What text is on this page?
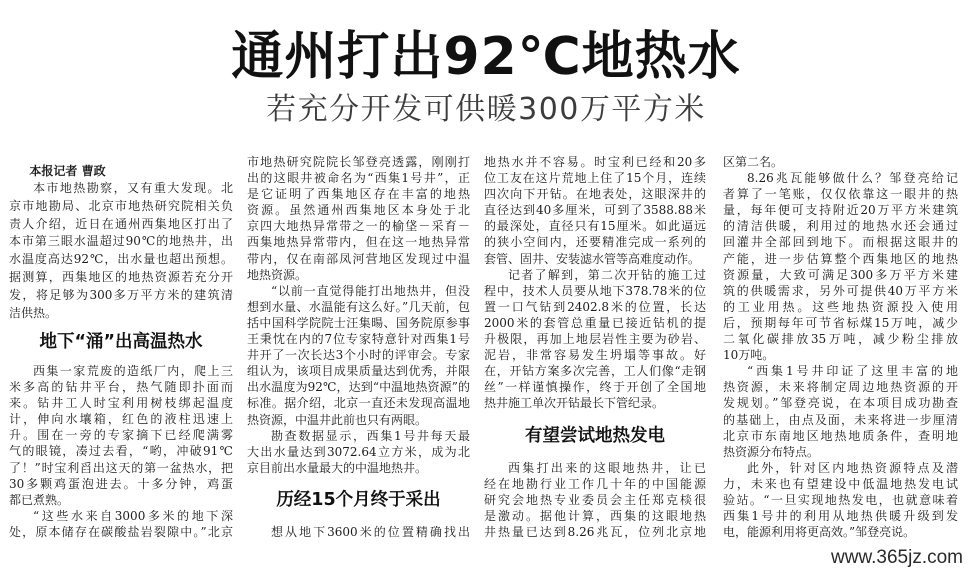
通州打出92℃地热水
若充分开发可供暖300万平方米
本报记者 曹政
本市地热勘察，又有重大发现。北
京市地勘局、北京市地热研究院相关负
责人介绍，近日在通州西集地区打出了
本市第三眼水温超过90℃的地热井，出
水温度高达92℃，出水量也超出预想。
据测算，西集地区的地热资源若充分开
发，将足够为300多万平方米的建筑清
洁供热。
地下“涌”出高温热水
西集一家荒废的造纸厂内，爬上三
米多高的钻井平台，热气随即扑面而
来。钻井工人时宝利用树枝绑起温度
计，伸向水壤箱，红色的液柱迅速上
升。围在一旁的专家摘下已经爬满雾
气的眼镜，凑过去看，“哟，冲破91℃
了！”时宝利舀出这天的第一盆热水，把
30多颗鸡蛋泡进去。十多分钟，鸡蛋
都已煮熟。
“这些水来自3000多米的地下深
处，原本储存在碳酸盐岩裂隙中。”北京
市地热研究院院长邹登亮透露，刚刚打
出的这眼井被命名为“西集1号井”，正
是它证明了西集地区存在丰富的地热
资源。虽然通州西集地区本身处于北
京四大地热异常带之一的榆垡－采育－
西集地热异常带内，但在这一地热异常
带内，仅在南部凤河营地区发现过中温
地热资源。
“以前一直觉得能打出地热井，但没
想到水量、水温能有这么好。”几天前，包
括中国科学院院士汪集暘、国务院原参事
王秉忱在内的7位专家特意针对西集1号
井开了一次长达3个小时的评审会。专家
组认为，该项目成果质量达到优秀，并限
出水温度为92℃，达到“中温地热资源”的
标准。据介绍，北京一直还未发现高温地
热资源，中温井此前也只有两眼。
勘查数据显示，西集1号井每天最
大出水量达到3072.64立方米，成为北
京目前出水量最大的中温地热井。
历经15个月终于采出
想从地下3600米的位置精确找出
地热水并不容易。时宝利已经和20多
位工友在这片荒地上住了15个月，连续
四次向下开钻。在地表处，这眼深井的
直径达到40多厘米，可到了3588.88米
的最深处，直径只有15厘米。如此逼远
的狭小空间内，还要精准完成一系列的
套管、固井、安装滤水管等高难度动作。
记者了解到，第二次开钻的施工过
程中，技术人员要从地下378.78米的位
置一口气钻到2402.8米的位置，长达
2000米的套管总重量已接近钻机的提
升极限，再加上地层岩性主要为砂岩、
泥岩，非常容易发生坍塌等事故。好
在，开钻方案多次完善，工人们像“走钢
丝”一样谨慎操作，终于开创了全国地
热井施工单次开钻最长下管纪录。
有望尝试地热发电
西集打出来的这眼地热井，让已
经在地勘行业工作几十年的中国能源
研究会地热专业委员会主任郑克棪很
是激动。据他计算，西集的这眼地热
井热量已达到8.26兆瓦，位列北京地
区第二名。
8.26兆瓦能够做什么？邹登亮给记
者算了一笔账，仅仅依靠这一眼井的热
量，每年便可支持附近20万平方米建筑
的清洁供暖，利用过的地热水还会通过
回灌井全部回到地下。而根据这眼井的
产能，进一步估算整个西集地区的地热
资源量，大致可满足300多万平方米建
筑的供暖需求，另外可提供40万平方米
的工业用热。这些地热资源投入使用
后，预期每年可节省标煤15万吨，减少
二氧化碳排放35万吨，减少粉尘排放
10万吨。
“西集1号井印证了这里丰富的地
热资源，未来将制定周边地热资源的开
发规划。”邹登亮说，在本项目成功勘查
的基础上，由点及面，未来将进一步厘清
北京市东南地区地热地质条件，查明地
热资源分布特点。
此外，针对区内地热资源特点及潜
力，未来也有望建设中低温地热发电试
验站。“一旦实现地热发电，也就意味着
西集1号井的利用从地热供暖升级到发
电，能源利用将更高效。”邹登亮说。
www.365jz.com
